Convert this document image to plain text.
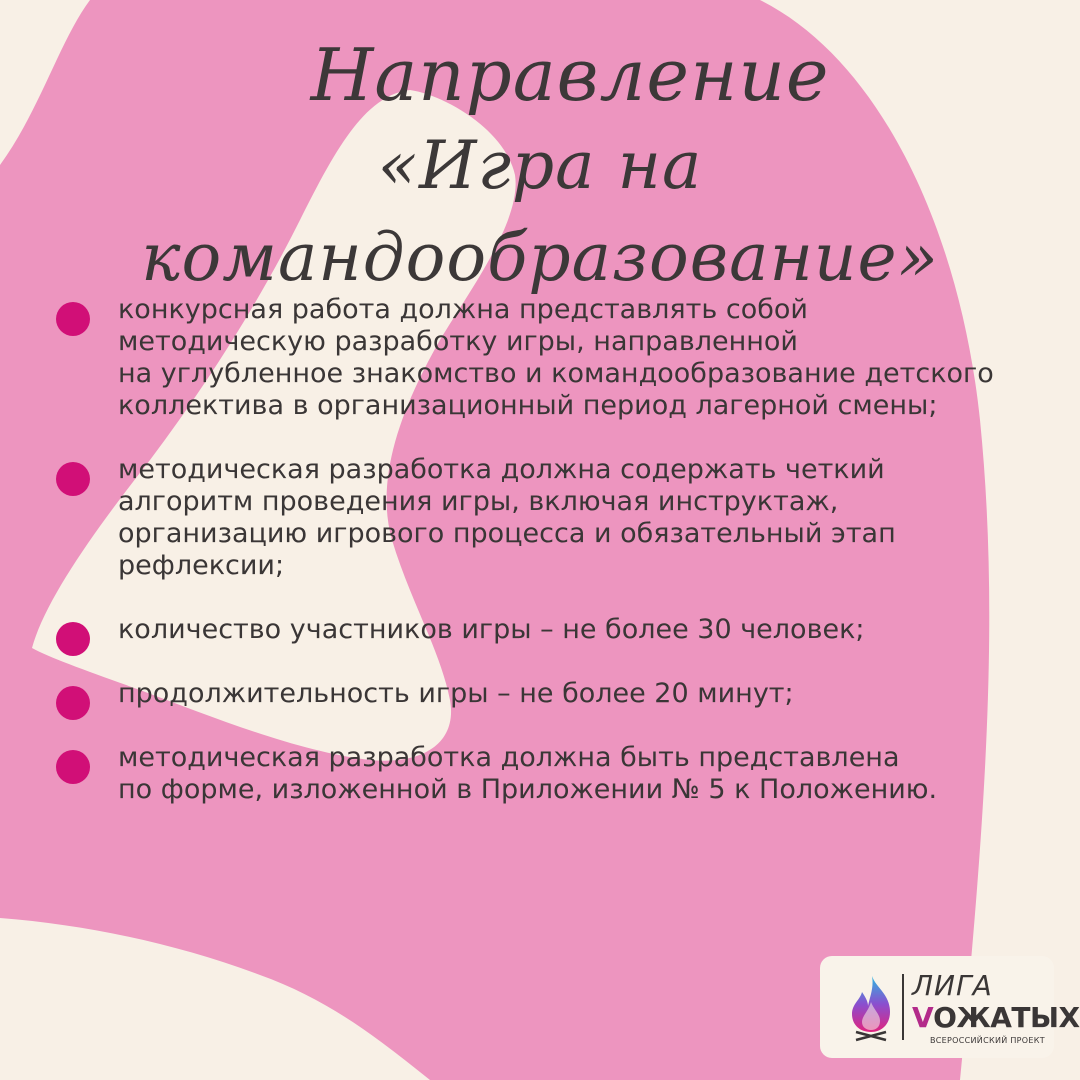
Направление
«Игра на командообразование»
конкурсная работа должна представлять собой
методическую разработку игры, направленной
на углубленное знакомство и командообразование детского
коллектива в организационный период лагерной смены;
методическая разработка должна содержать четкий
алгоритм проведения игры, включая инструктаж,
организацию игрового процесса и обязательный этап
рефлексии;
количество участников игры – не более 30 человек;
продолжительность игры – не более 20 минут;
методическая разработка должна быть представлена
по форме, изложенной в Приложении № 5 к Положению.
ЛИГА
VОЖАТЫХ
ВСЕРОССИЙСКИЙ ПРОЕКТ
